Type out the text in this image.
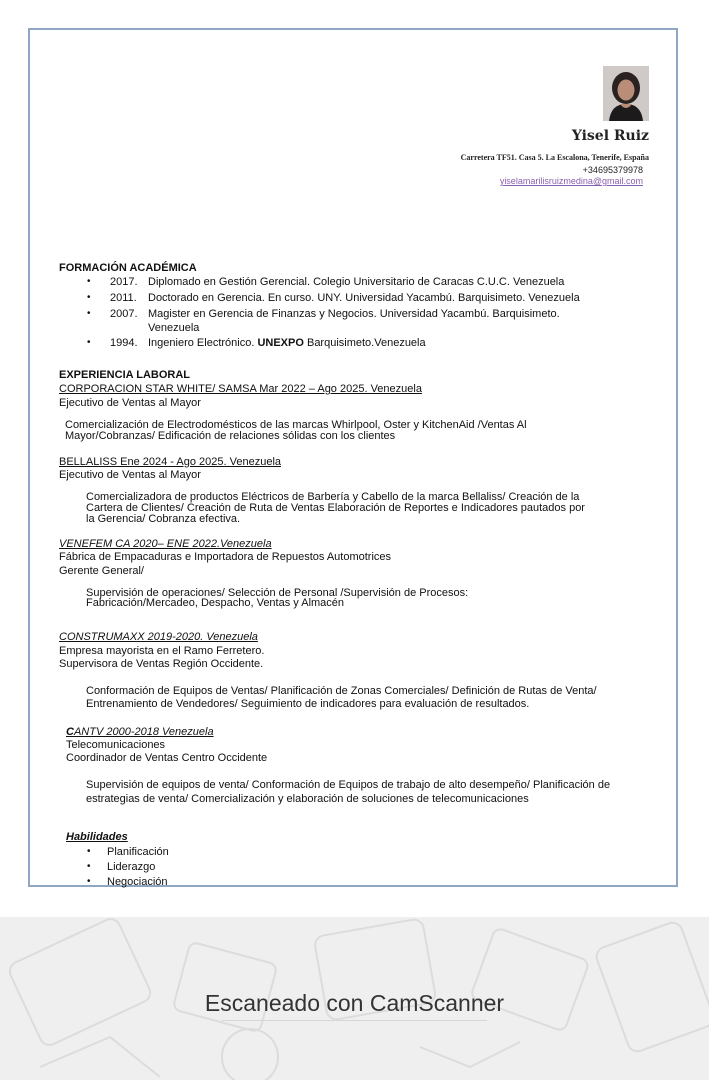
Yisel Ruiz
Carretera TF51. Casa 5. La Escalona, Tenerife, España
+34695379978
yiselamarilisruizmedina@gmail.com
FORMACIÓN ACADÉMICA
• 2017. Diplomado en Gestión Gerencial. Colegio Universitario de Caracas C.U.C. Venezuela
• 2011. Doctorado en Gerencia. En curso. UNY. Universidad Yacambú. Barquisimeto. Venezuela
• 2007. Magister en Gerencia de Finanzas y Negocios. Universidad Yacambú. Barquisimeto.
Venezuela
• 1994. Ingeniero Electrónico. UNEXPO Barquisimeto.Venezuela
EXPERIENCIA LABORAL
CORPORACION STAR WHITE/ SAMSA Mar 2022 – Ago 2025. Venezuela
Ejecutivo de Ventas al Mayor
Comercialización de Electrodomésticos de las marcas Whirlpool, Oster y KitchenAid /Ventas Al
Mayor/Cobranzas/ Edificación de relaciones sólidas con los clientes
BELLALISS Ene 2024 - Ago 2025. Venezuela
Ejecutivo de Ventas al Mayor
Comercializadora de productos Eléctricos de Barbería y Cabello de la marca Bellaliss/ Creación de la
Cartera de Clientes/ Creación de Ruta de Ventas Elaboración de Reportes e Indicadores pautados por
la Gerencia/ Cobranza efectiva.
VENEFEM CA 2020– ENE 2022.Venezuela
Fábrica de Empacaduras e Importadora de Repuestos Automotrices
Gerente General/
Supervisión de operaciones/ Selección de Personal /Supervisión de Procesos:
Fabricación/Mercadeo, Despacho, Ventas y Almacén
CONSTRUMAXX 2019-2020. Venezuela
Empresa mayorista en el Ramo Ferretero.
Supervisora de Ventas Región Occidente.
Conformación de Equipos de Ventas/ Planificación de Zonas Comerciales/ Definición de Rutas de Venta/
Entrenamiento de Vendedores/ Seguimiento de indicadores para evaluación de resultados.
CANTV 2000-2018 Venezuela
Telecomunicaciones
Coordinador de Ventas Centro Occidente
Supervisión de equipos de venta/ Conformación de Equipos de trabajo de alto desempeño/ Planificación de
estrategias de venta/ Comercialización y elaboración de soluciones de telecomunicaciones
Habilidades
• Planificación
• Liderazgo
• Negociación
Escaneado con CamScanner
